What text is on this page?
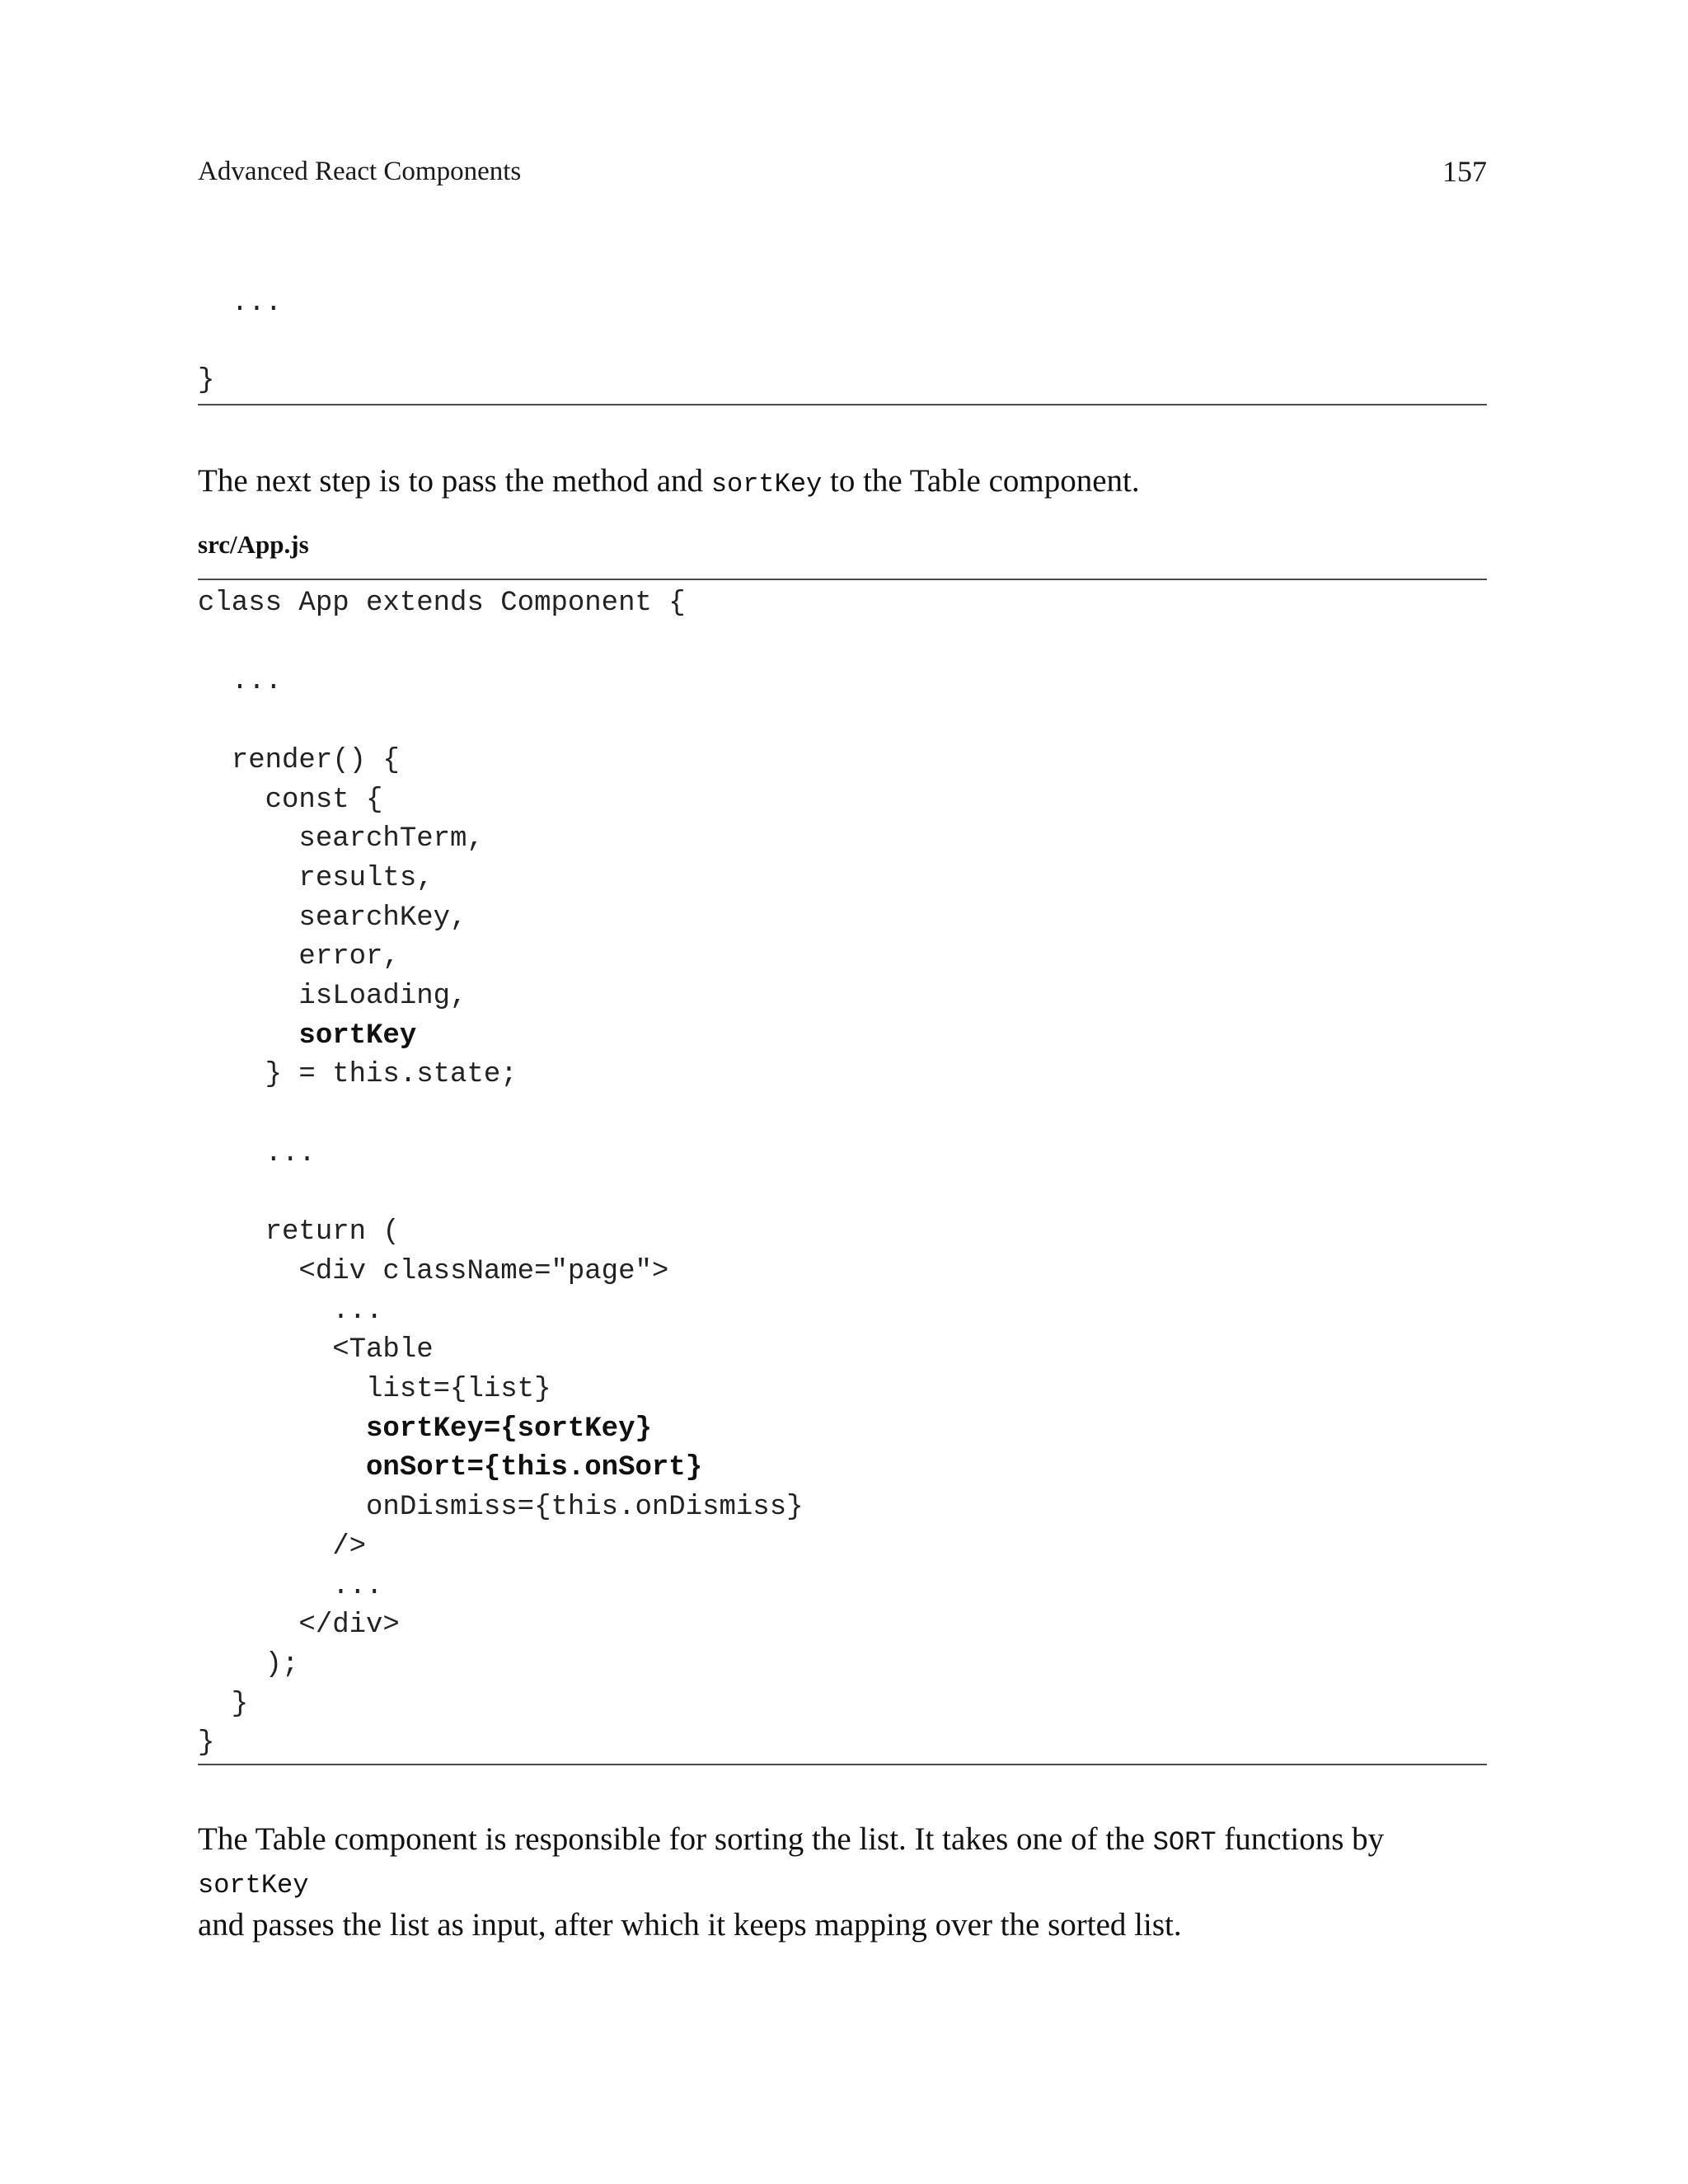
Advanced React Components	157
...
}
The next step is to pass the method and sortKey to the Table component.
src/App.js
class App extends Component {
...
render() {
const {
searchTerm,
results,
searchKey,
error,
isLoading,
sortKey
} = this.state;
...
return (
<div className="page">
...
<Table
list={list}
sortKey={sortKey}
onSort={this.onSort}
onDismiss={this.onDismiss}
/>
...
</div>
);
}
}
The Table component is responsible for sorting the list. It takes one of the SORT functions by sortKey
and passes the list as input, after which it keeps mapping over the sorted list.
